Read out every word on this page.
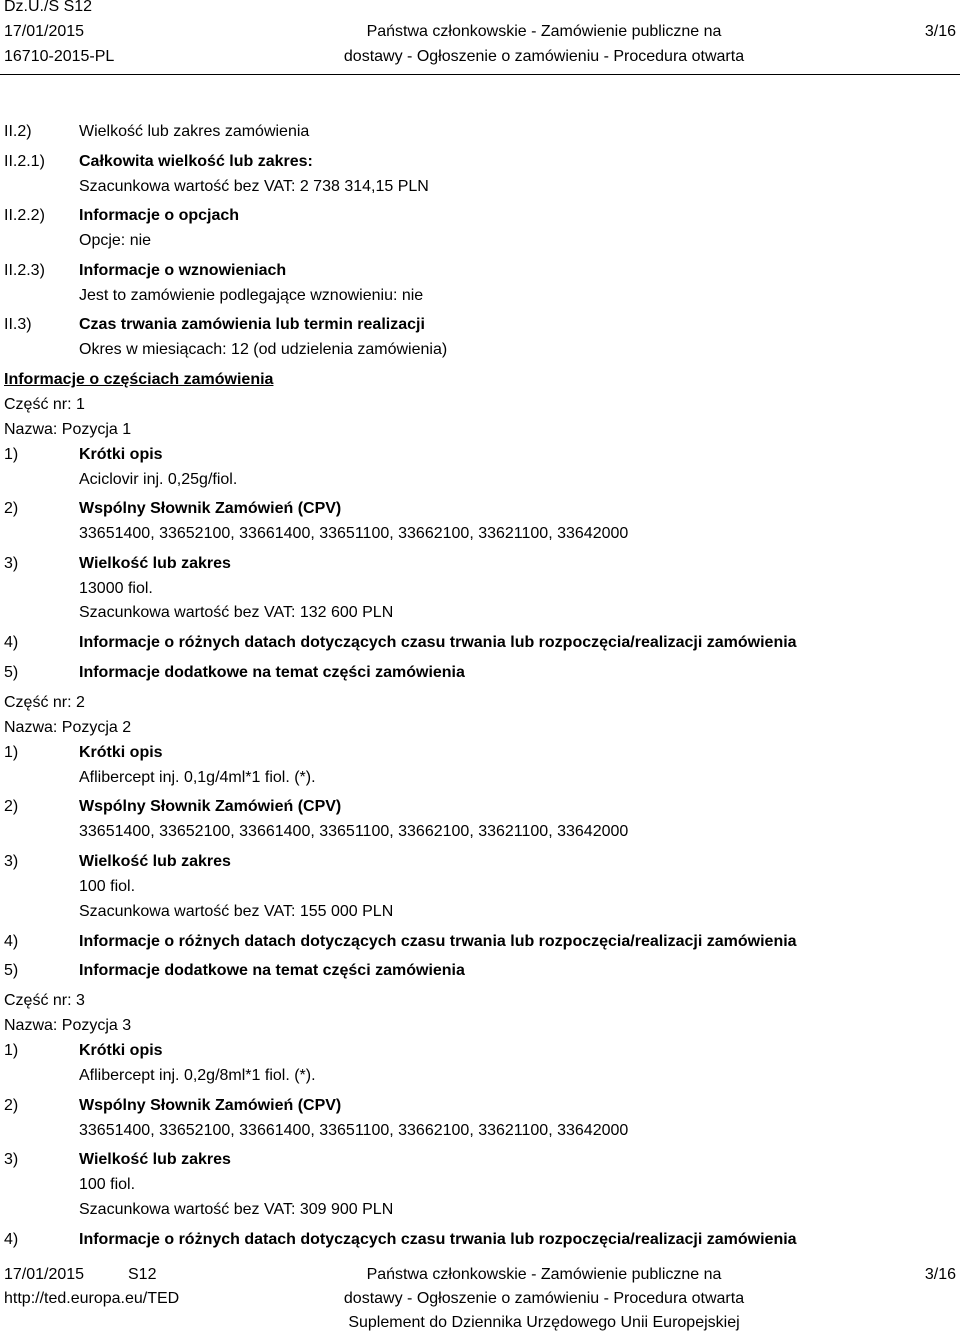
Dz.U./S S12
17/01/2015
16710-2015-PL
Państwa członkowskie - Zamówienie publiczne na
dostawy - Ogłoszenie o zamówieniu - Procedura otwarta
3/16
II.2)	Wielkość lub zakres zamówienia
II.2.1) Całkowita wielkość lub zakres:
Szacunkowa wartość bez VAT: 2 738 314,15 PLN
II.2.2) Informacje o opcjach
Opcje: nie
II.2.3) Informacje o wznowieniach
Jest to zamówienie podlegające wznowieniu: nie
II.3)	Czas trwania zamówienia lub termin realizacji
Okres w miesiącach: 12 (od udzielenia zamówienia)
Informacje o częściach zamówienia
Część nr: 1
Nazwa: Pozycja 1
1)	Krótki opis
Aciclovir inj. 0,25g/fiol.
2)	Wspólny Słownik Zamówień (CPV)
33651400, 33652100, 33661400, 33651100, 33662100, 33621100, 33642000
3)	Wielkość lub zakres
13000 fiol.
Szacunkowa wartość bez VAT: 132 600 PLN
4)	Informacje o różnych datach dotyczących czasu trwania lub rozpoczęcia/realizacji zamówienia
5)	Informacje dodatkowe na temat części zamówienia
Część nr: 2
Nazwa: Pozycja 2
1)	Krótki opis
Aflibercept inj. 0,1g/4ml*1 fiol. (*).
2)	Wspólny Słownik Zamówień (CPV)
33651400, 33652100, 33661400, 33651100, 33662100, 33621100, 33642000
3)	Wielkość lub zakres
100 fiol.
Szacunkowa wartość bez VAT: 155 000 PLN
4)	Informacje o różnych datach dotyczących czasu trwania lub rozpoczęcia/realizacji zamówienia
5)	Informacje dodatkowe na temat części zamówienia
Część nr: 3
Nazwa: Pozycja 3
1)	Krótki opis
Aflibercept inj. 0,2g/8ml*1 fiol. (*).
2)	Wspólny Słownik Zamówień (CPV)
33651400, 33652100, 33661400, 33651100, 33662100, 33621100, 33642000
3)	Wielkość lub zakres
100 fiol.
Szacunkowa wartość bez VAT: 309 900 PLN
4)	Informacje o różnych datach dotyczących czasu trwania lub rozpoczęcia/realizacji zamówienia
17/01/2015	S12
http://ted.europa.eu/TED
Państwa członkowskie - Zamówienie publiczne na
dostawy - Ogłoszenie o zamówieniu - Procedura otwarta
Suplement do Dziennika Urzędowego Unii Europejskiej
3/16
